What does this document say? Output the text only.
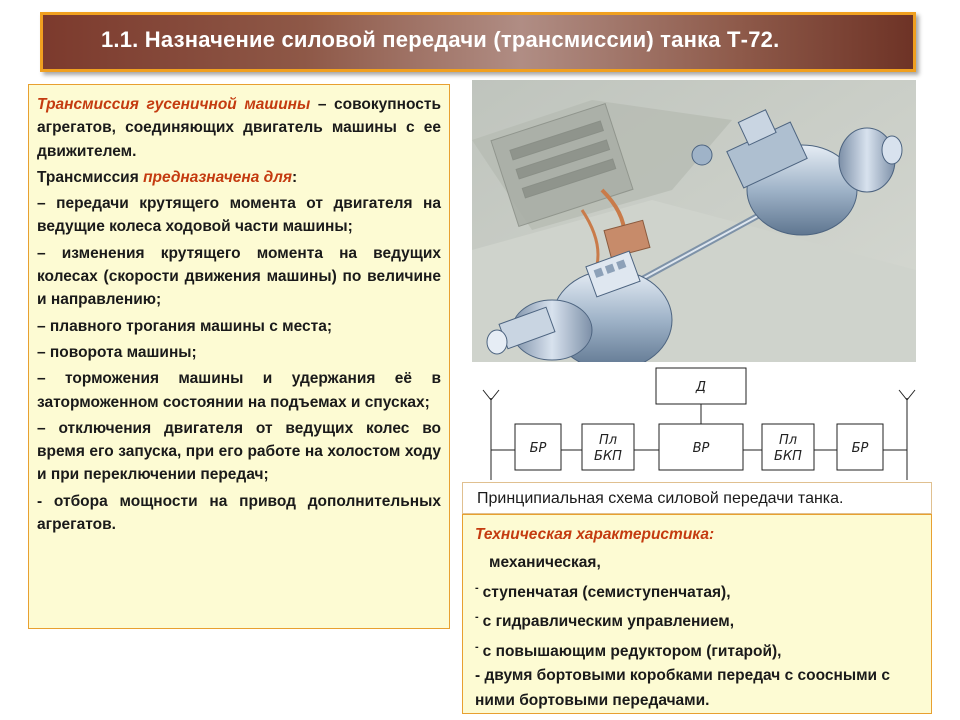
1.1. Назначение силовой передачи (трансмиссии) танка Т-72.

Трансмиссия гусеничной машины – совокупность агрегатов, соединяющих двигатель машины с ее движителем.

Трансмиссия предназначена для:

– передачи крутящего момента от двигателя на ведущие колеса ходовой части машины;

– изменения крутящего момента на ведущих колесах (скорости движения машины) по величине и направлению;

– плавного трогания машины с места;

– поворота машины;

– торможения машины и удержания её в заторможенном состоянии на подъемах и спусках;

– отключения двигателя от ведущих колес во время его запуска, при его работе на холостом ходу и при переключении передач;

- отбора мощности на привод дополнительных агрегатов.

Д
БР
Пл
БКП
ВР
Пл
БКП
БР
Принципиальная схема силовой передачи танка.
Техническая характеристика:

механическая,

- ступенчатая (семиступенчатая),

- с гидравлическим управлением,

- с повышающим редуктором (гитарой),

- двумя бортовыми коробками передач с соосными с ними бортовыми передачами.
